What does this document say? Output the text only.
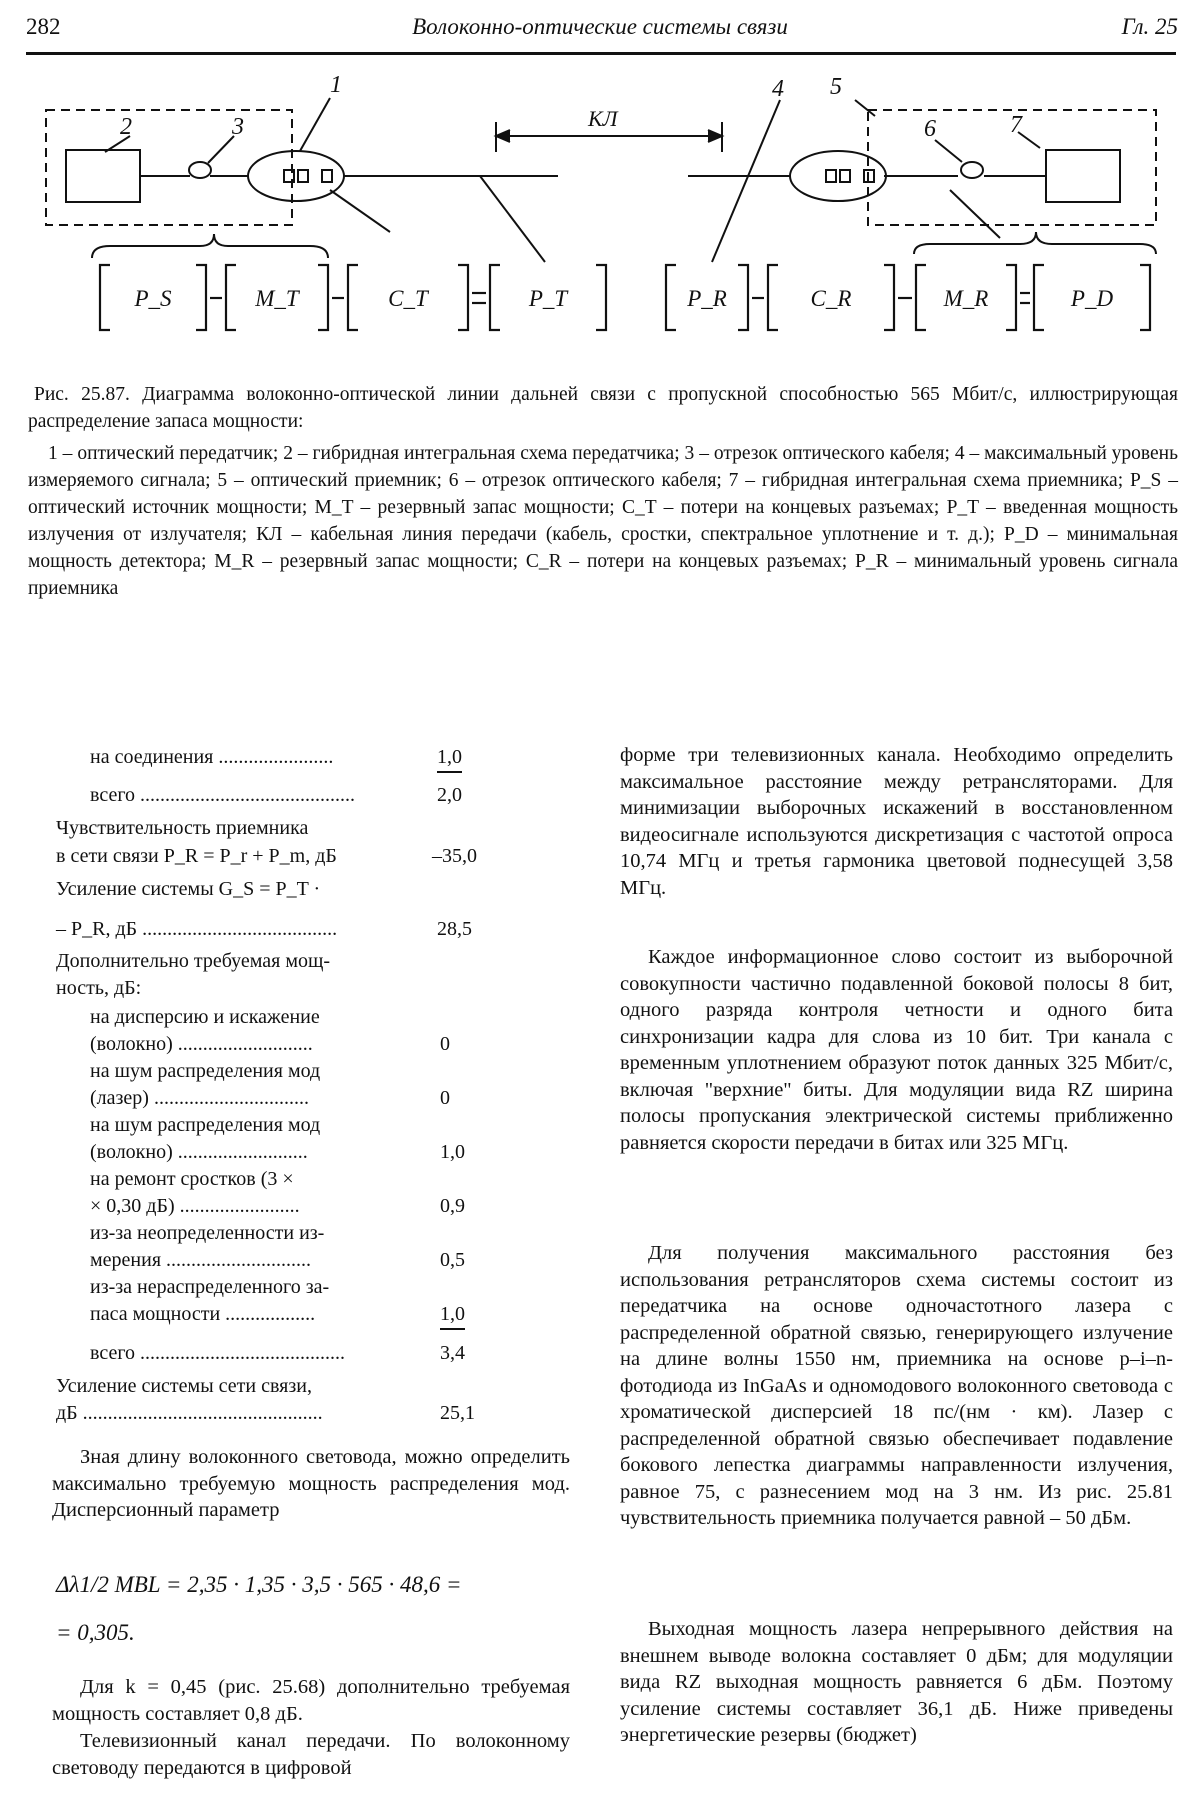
282	Волоконно-оптические системы связи	Гл. 25
1
2	3
4 5
6	7
КЛ
P_S	M_T	C_T	P_T	P_R	C_R	M_R	P_D
Рис. 25.87. Диаграмма волоконно-оптической линии дальней связи с пропускной способностью 565 Мбит/с, иллюстрирующая распределение запаса мощности:
1 – оптический передатчик; 2 – гибридная интегральная схема передатчика; 3 – отрезок оптического кабеля; 4 – максимальный уровень измеряемого сигнала; 5 – оптический приемник; 6 – отрезок оптического кабеля; 7 – гибридная интегральная схема приемника; P_S – оптический источник мощности; M_T – резервный запас мощности; C_T – потери на концевых разъемах; P_T – введенная мощность излучения от излучателя; КЛ – кабельная линия передачи (кабель, сростки, спектральное уплотнение и т. д.); P_D – минимальная мощность детектора; M_R – резервный запас мощности; C_R – потери на концевых разъемах; P_R – минимальный уровень сигнала приемника
на соединения .......................	1,0
всего ...........................................	2,0
Чувствительность приемника
в сети связи P_R = P_r + P_m, дБ	–35,0
Усиление системы G_S = P_T ·
– P_R, дБ .......................................	28,5
Дополнительно требуемая мощ-
ность, дБ:
на дисперсию и искажение
(волокно) ...........................	0
на шум распределения мод
(лазер) ...............................	0
на шум распределения мод
(волокно) ..........................	1,0
на ремонт сростков (3 ×
× 0,30 дБ) ........................	0,9
из-за неопределенности из-
мерения .............................	0,5
из-за нераспределенного за-
паса мощности ..................	1,0
всего .........................................	3,4
Усиление системы сети связи,
дБ ................................................	25,1
Зная длину волоконного световода, можно определить максимально требуемую мощность распределения мод. Дисперсионный параметр
Δλ1/2 MBL = 2,35 · 1,35 · 3,5 · 565 · 48,6 =
= 0,305.
Для k = 0,45 (рис. 25.68) дополнительно требуемая мощность составляет 0,8 дБ.
Телевизионный канал передачи. По волоконному световоду передаются в цифровой
форме три телевизионных канала. Необходимо определить максимальное расстояние между ретрансляторами. Для минимизации выборочных искажений в восстановленном видеосигнале используются дискретизация с частотой опроса 10,74 МГц и третья гармоника цветовой поднесущей 3,58 МГц.
Каждое информационное слово состоит из выборочной совокупности частично подавленной боковой полосы 8 бит, одного разряда контроля четности и одного бита синхронизации кадра для слова из 10 бит. Три канала с временным уплотнением образуют поток данных 325 Мбит/с, включая "верхние" биты. Для модуляции вида RZ ширина полосы пропускания электрической системы приближенно равняется скорости передачи в битах или 325 МГц.
Для получения максимального расстояния без использования ретрансляторов схема системы состоит из передатчика на основе одночастотного лазера с распределенной обратной связью, генерирующего излучение на длине волны 1550 нм, приемника на основе p–i–n-фотодиода из InGaAs и одномодового волоконного световода с хроматической дисперсией 18 пс/(нм · км). Лазер с распределенной обратной связью обеспечивает подавление бокового лепестка диаграммы направленности излучения, равное 75, с разнесением мод на 3 нм. Из рис. 25.81 чувствительность приемника получается равной – 50 дБм.
Выходная мощность лазера непрерывного действия на внешнем выводе волокна составляет 0 дБм; для модуляции вида RZ выходная мощность равняется 6 дБм. Поэтому усиление системы составляет 36,1 дБ. Ниже приведены энергетические резервы (бюджет)
